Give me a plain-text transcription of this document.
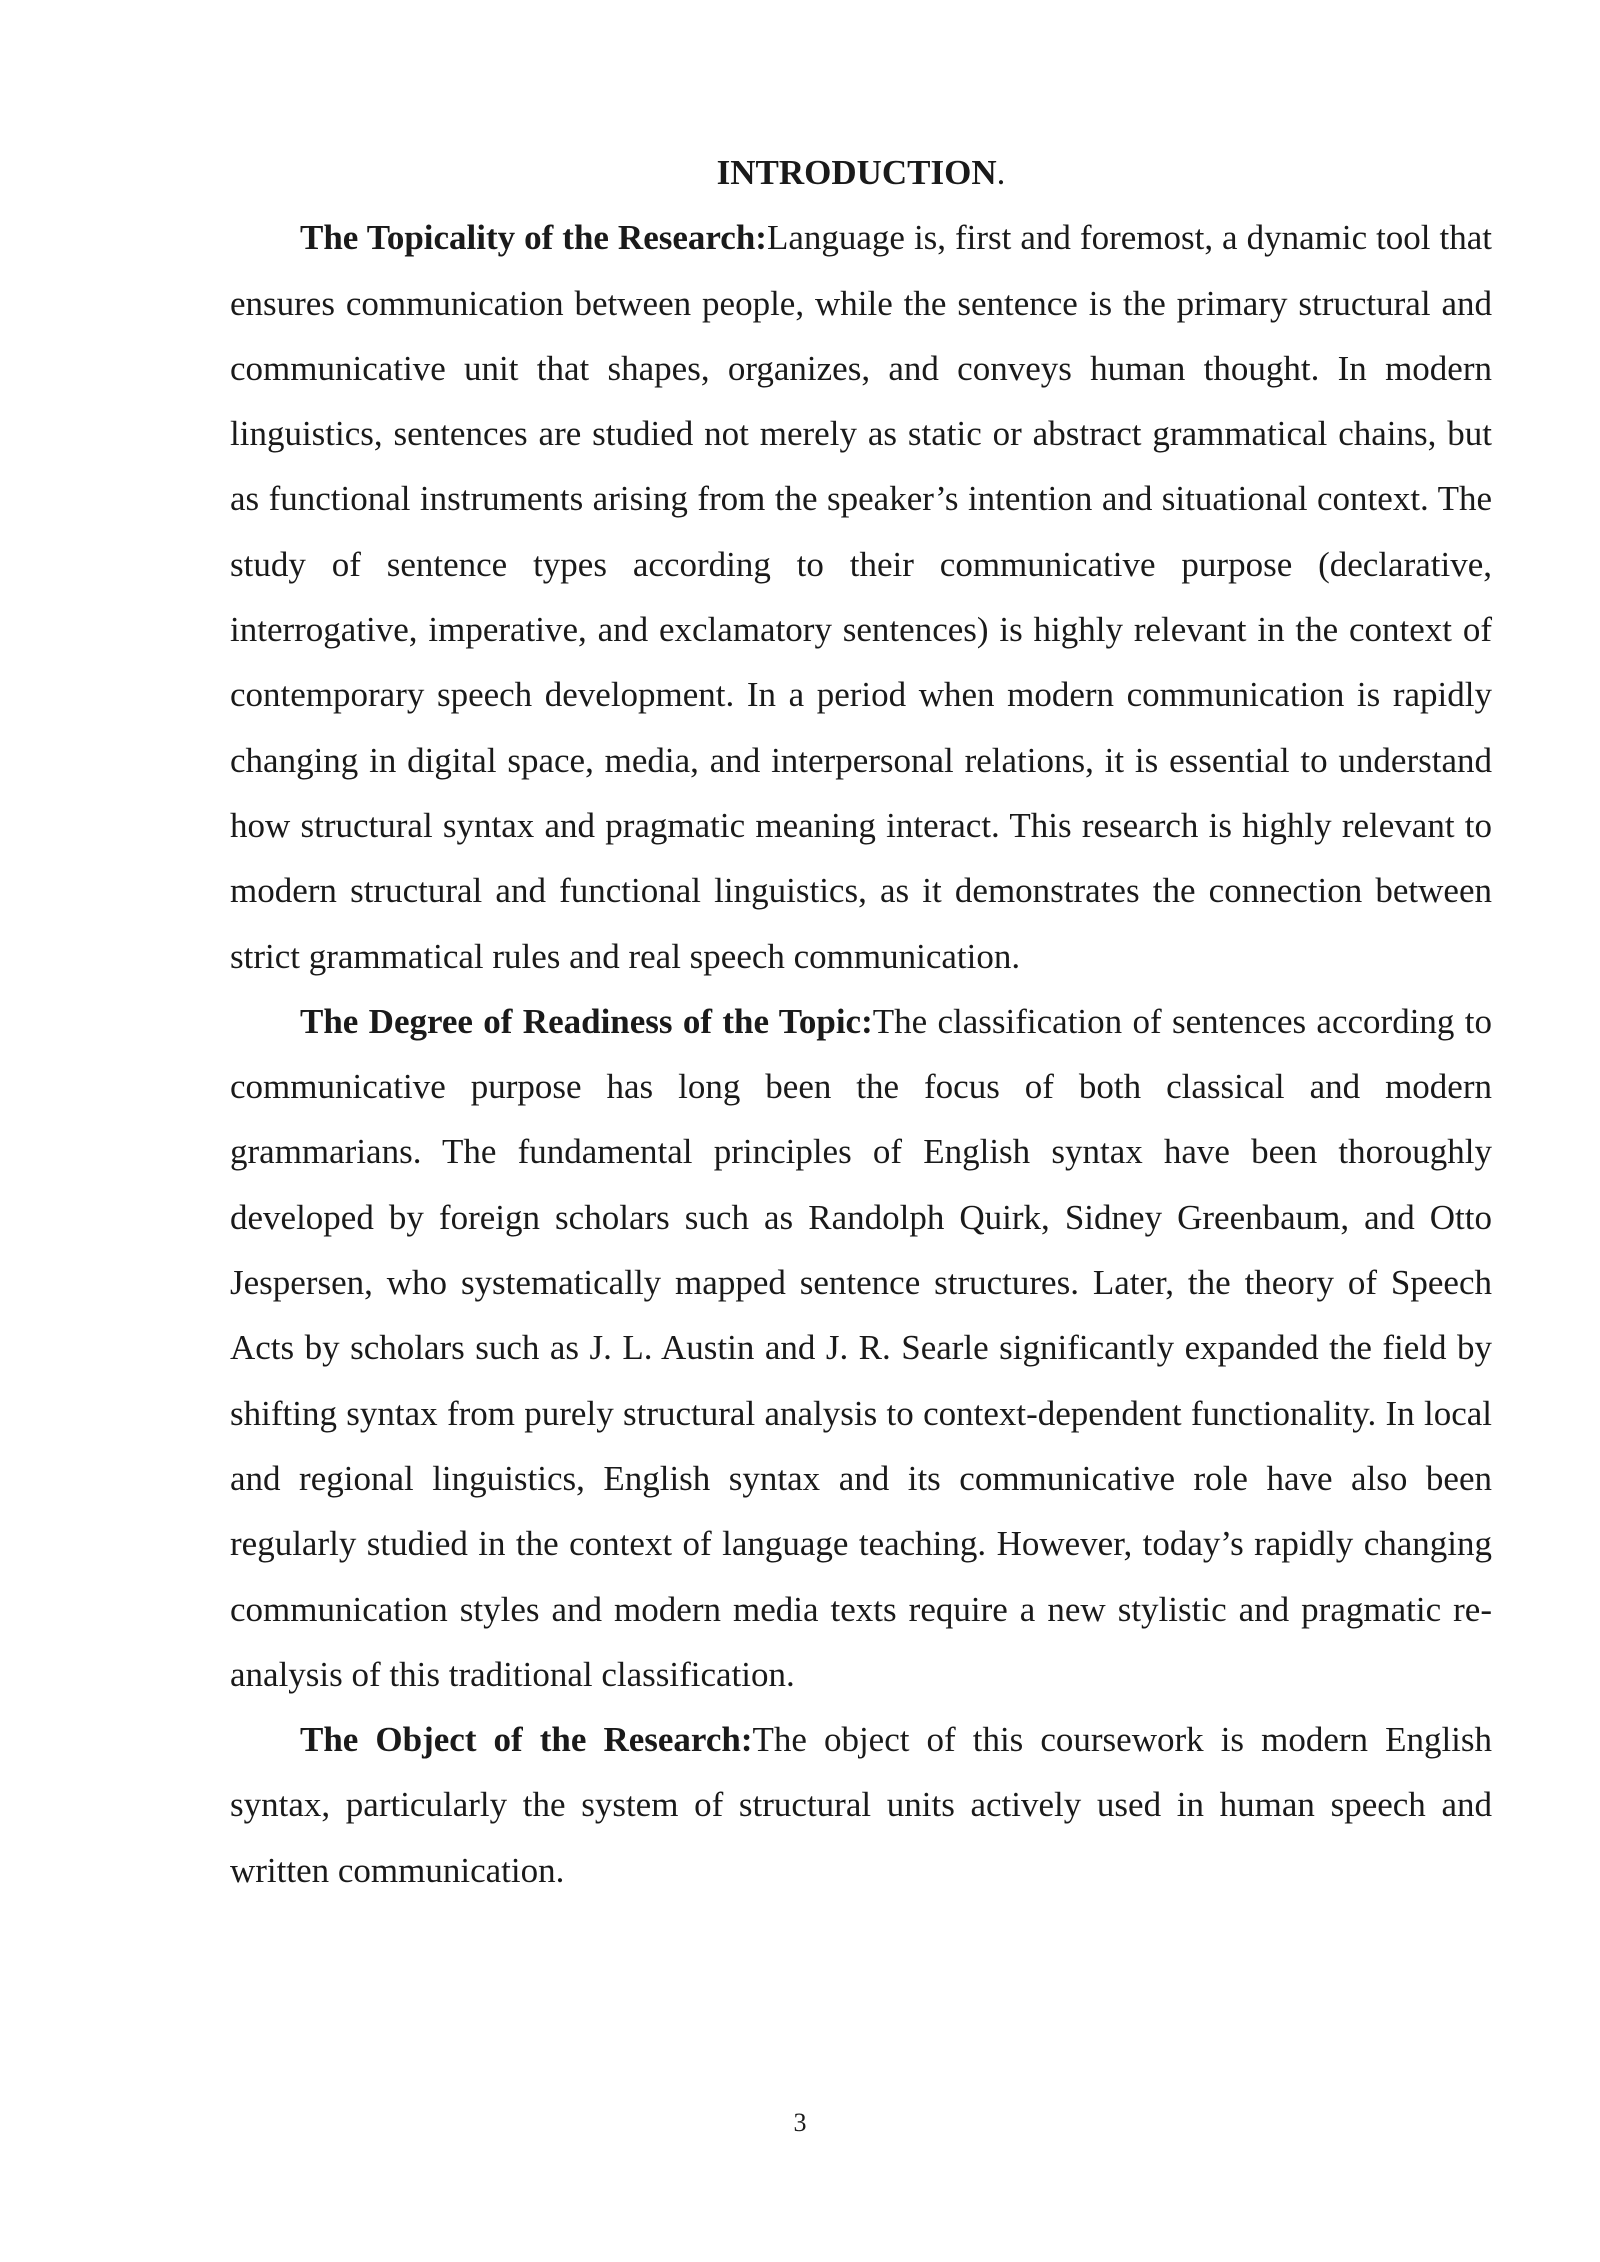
INTRODUCTION.

The Topicality of the Research:Language is, first and foremost, a dynamic tool that ensures communication between people, while the sentence is the primary structural and communicative unit that shapes, organizes, and conveys human thought. In modern linguistics, sentences are studied not merely as static or abstract grammatical chains, but as functional instruments arising from the speaker’s intention and situational context. The study of sentence types according to their communicative purpose (declarative, interrogative, imperative, and exclamatory sentences) is highly relevant in the context of contemporary speech development. In a period when modern communication is rapidly changing in digital space, media, and interpersonal relations, it is essential to understand how structural syntax and pragmatic meaning interact. This research is highly relevant to modern structural and functional linguistics, as it demonstrates the connection between strict grammatical rules and real speech communication.

The Degree of Readiness of the Topic:The classification of sentences according to communicative purpose has long been the focus of both classical and modern grammarians. The fundamental principles of English syntax have been thoroughly developed by foreign scholars such as Randolph Quirk, Sidney Greenbaum, and Otto Jespersen, who systematically mapped sentence structures. Later, the theory of Speech Acts by scholars such as J. L. Austin and J. R. Searle significantly expanded the field by shifting syntax from purely structural analysis to context-dependent functionality. In local and regional linguistics, English syntax and its communicative role have also been regularly studied in the context of language teaching. However, today’s rapidly changing communication styles and modern media texts require a new stylistic and pragmatic re-analysis of this traditional classification.

The Object of the Research:The object of this coursework is modern English syntax, particularly the system of structural units actively used in human speech and written communication.

3
